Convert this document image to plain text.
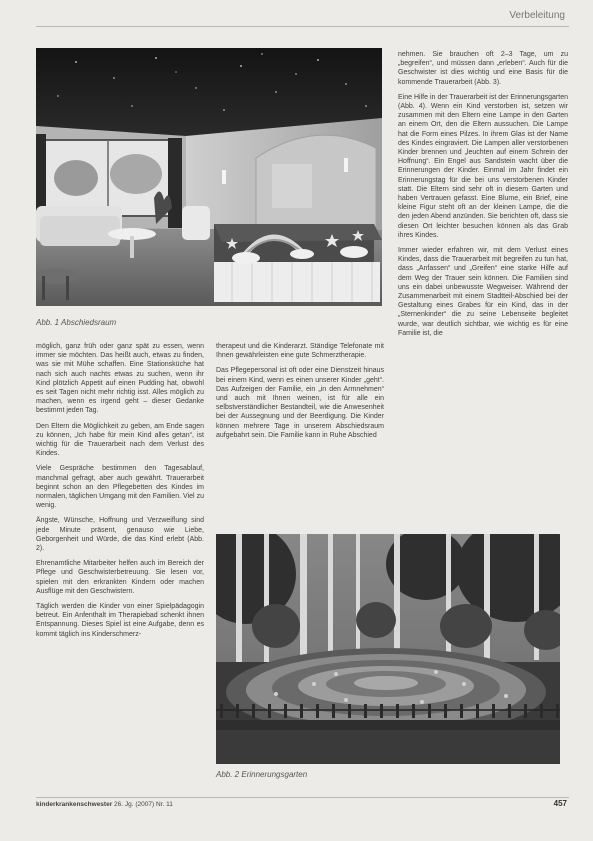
Verbeleitung
Abb. 1 Abschiedsraum

nehmen. Sie brauchen oft 2–3 Tage, um zu „begreifen“, und müssen dann „erleben“. Auch für die Geschwister ist dies wichtig und eine Basis für die kommende Trauerarbeit (Abb. 3).

Eine Hilfe in der Trauerarbeit ist der Erinnerungsgarten (Abb. 4). Wenn ein Kind verstorben ist, setzen wir zusammen mit den Eltern eine Lampe in den Garten an einem Ort, den die Eltern aussuchen. Die Lampe hat die Form eines Pilzes. In ihrem Glas ist der Name des Kindes eingraviert. Die Lampen aller verstorbenen Kinder brennen und „leuchten auf einem Schrein der Hoffnung“. Ein Engel aus Sandstein wacht über die Erinnerungen der Kinder. Einmal im Jahr findet ein Erinnerungstag für die bei uns verstorbenen Kinder statt. Die Eltern sind sehr oft in diesem Garten und haben Vertrauen gefasst. Eine Blume, ein Brief, eine kleine Figur steht oft an der kleinen Lampe, die die den jeden Abend anzünden. Sie berichten oft, dass sie diesen Ort leichter besuchen können als das Grab ihres Kindes.

Immer wieder erfahren wir, mit dem Verlust eines Kindes, dass die Trauerarbeit mit begreifen zu tun hat, dass „Anfassen“ und „Greifen“ eine starke Hilfe auf dem Weg der Trauer sein können. Die Familien sind uns ein dabei unbewusste Wegweiser. Während der Zusammenarbeit mit einem Stadtteil-Abschied bei der Gestaltung eines Grabes für ein Kind, das in der „Sternenkinder“ die zu seine Lebenseite begleitet wurde, war deutlich sichtbar, wie wichtig es für eine Familie ist, die

möglich, ganz früh oder ganz spät zu essen, wenn immer sie möchten. Das heißt auch, etwas zu finden, was sie mit Mühe schaffen. Eine Stationsküche hat nach sich auch nachts etwas zu suchen, wenn ihr Kind plötzlich Appetit auf einen Pudding hat, obwohl es seit Tagen nicht mehr richtig isst. Alles möglich zu machen, wenn es irgend geht – dieser Gedanke bestimmt jeden Tag.

Den Eltern die Möglichkeit zu geben, am Ende sagen zu können, „Ich habe für mein Kind alles getan“, ist wichtig für die Trauerarbeit nach dem Verlust des Kindes.

Viele Gespräche bestimmen den Tagesablauf, manchmal gefragt, aber auch gewährt. Trauerarbeit beginnt schon an den Pflegebetten des Kindes im normalen, täglichen Umgang mit den Familien. Viel zu wenig.

Ängste, Wünsche, Hoffnung und Verzweiflung sind jede Minute präsent, genauso wie Liebe, Geborgenheit und Würde, die das Kind erlebt (Abb. 2).

Ehrenamtliche Mitarbeiter helfen auch im Bereich der Pflege und Geschwisterbetreuung. Sie lesen vor, spielen mit den erkrankten Kindern oder machen Ausflüge mit den Geschwistern.

Täglich werden die Kinder von einer Spielpädagogin betreut. Ein Anfenthalt im Therapiebad schenkt ihnen Entspannung. Dieses Spiel ist eine Aufgabe, denn es kommt täglich ins Kinderschmerz-

therapeut und die Kinderarzt. Ständige Telefonate mit Ihnen gewährleisten eine gute Schmerztherapie.

Das Pflegepersonal ist oft oder eine Dienstzeit hinaus bei einem Kind, wenn es einen unserer Kinder „geht“. Das Aufzeigen der Familie, ein „in den Armnehmen“ und auch mit Ihnen weinen, ist für alle ein selbstverständlicher Bestandteil, wie die Anwesenheit bei der Aussegnung und der Beerdigung. Die Kinder können mehrere Tage in unserem Abschiedsraum aufgebahrt sein. Die Familie kann in Ruhe Abschied

Abb. 2 Erinnerungsgarten
kinderkrankenschwester 26. Jg. (2007) Nr. 11	457
